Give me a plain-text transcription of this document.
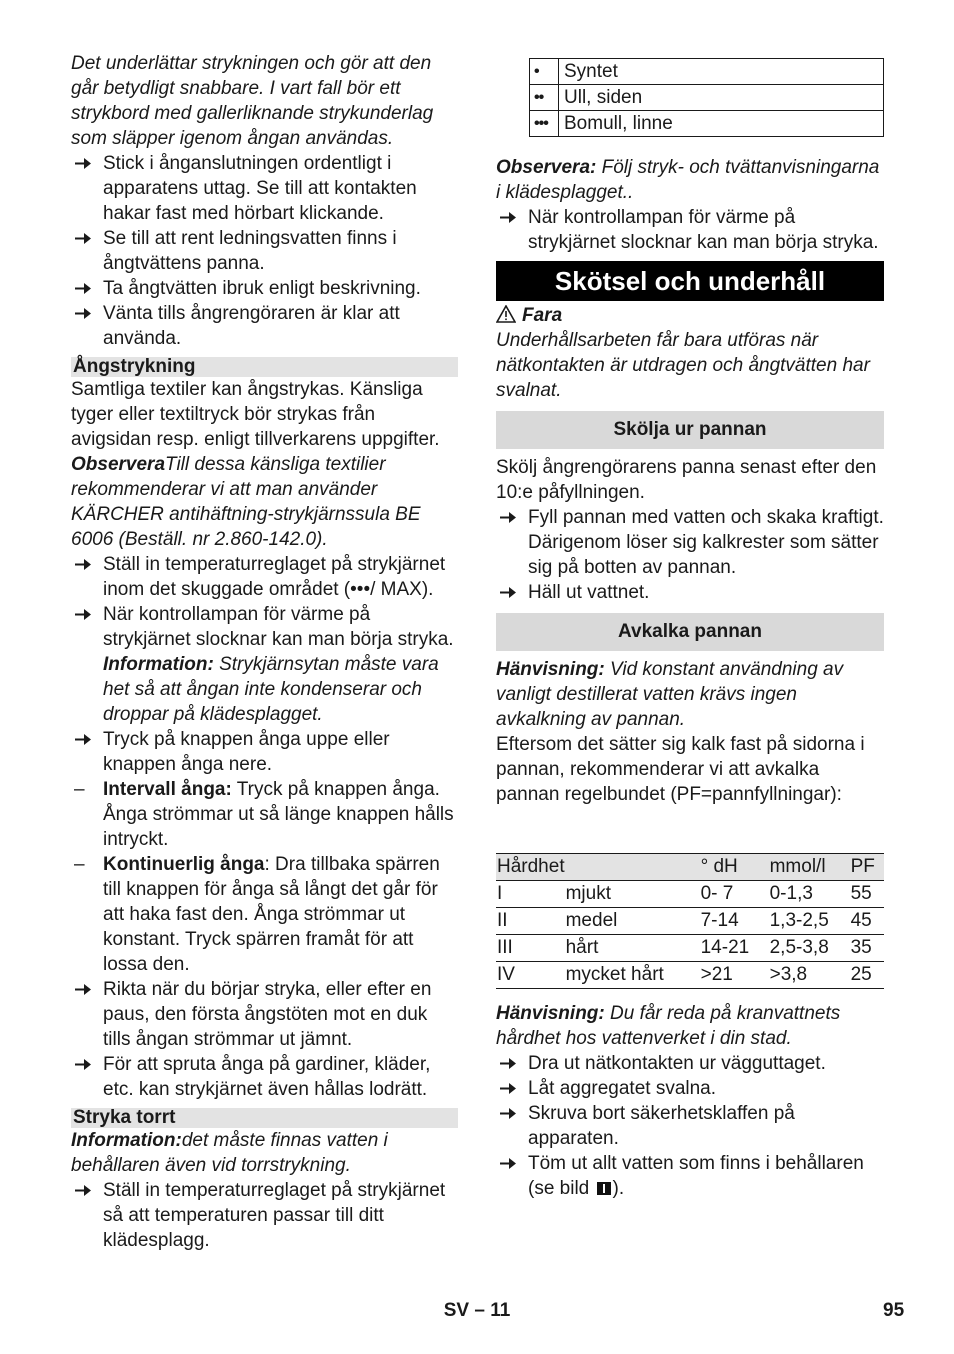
Det underlättar strykningen och gör att den går betydligt snabbare. I vart fall bör ett strykbord med gallerliknande strykunderlag som släpper igenom ångan användas.

Stick i ånganslutningen ordentligt i apparatens uttag. Se till att kontakten hakar fast med hörbart klickande.
Se till att rent ledningsvatten finns i ångtvättens panna.
Ta ångtvätten ibruk enligt beskrivning.
Vänta tills ångrengöraren är klar att använda.
Ångstrykning

Samtliga textiler kan ångstrykas. Känsliga tyger eller textiltryck bör strykas från avigsidan resp. enligt tillverkarens uppgifter.

ObserveraTill dessa känsliga textilier rekommenderar vi att man använder KÄRCHER antihäftning-strykjärnssula BE 6006 (Beställ. nr 2.860-142.0).

Ställ in temperaturreglaget på strykjärnet inom det skuggade området (•••/ MAX).
När kontrollampan för värme på strykjärnet slocknar kan man börja stryka.
Information: Strykjärnsytan måste vara het så att ångan inte kondenserar och droppar på klädesplagget.
Tryck på knappen ånga uppe eller knappen ånga nere.
– Intervall ånga: Tryck på knappen ånga. Ånga strömmar ut så länge knappen hålls intryckt.
– Kontinuerlig ånga: Dra tillbaka spärren till knappen för ånga så långt det går för att haka fast den. Ånga strömmar ut konstant. Tryck spärren framåt för att lossa den.
Rikta när du börjar stryka, eller efter en paus, den första ångstöten mot en duk tills ångan strömmar ut jämnt.
För att spruta ånga på gardiner, kläder, etc. kan strykjärnet även hållas lodrätt.
Stryka torrt

Information:det måste finnas vatten i behållaren även vid torrstrykning.

Ställ in temperaturreglaget på strykjärnet så att temperaturen passar till ditt klädesplagg.
•	Syntet
••	Ull, siden
•••	Bomull, linne

Observera: Följ stryk- och tvättanvisningarna i klädesplagget..

När kontrollampan för värme på strykjärnet slocknar kan man börja stryka.
Skötsel och underhåll

Fara

Underhållsarbeten får bara utföras när nätkontakten är utdragen och ångtvätten har svalnat.

Skölja ur pannan

Skölj ångrengörarens panna senast efter den 10:e påfyllningen.

Fyll pannan med vatten och skaka kraftigt. Därigenom löser sig kalkrester som sätter sig på botten av pannan.
Häll ut vattnet.
Avkalka pannan

Hänvisning: Vid konstant användning av vanligt destillerat vatten krävs ingen avkalkning av pannan.

Eftersom det sätter sig kalk fast på sidorna i pannan, rekommenderar vi att avkalka pannan regelbundet (PF=pannfyllningar):

Hårdhet		° dH	mmol/l	PF
I	mjukt	0- 7	0-1,3	55
II	medel	7-14	1,3-2,5	45
III	hårt	14-21	2,5-3,8	35
IV	mycket hårt	>21	>3,8	25

Hänvisning: Du får reda på kranvattnets hårdhet hos vattenverket i din stad.

Dra ut nätkontakten ur vägguttaget.
Låt aggregatet svalna.
Skruva bort säkerhetsklaffen på apparaten.
Töm ut allt vatten som finns i behållaren (se bild ).
SV – 11	95
